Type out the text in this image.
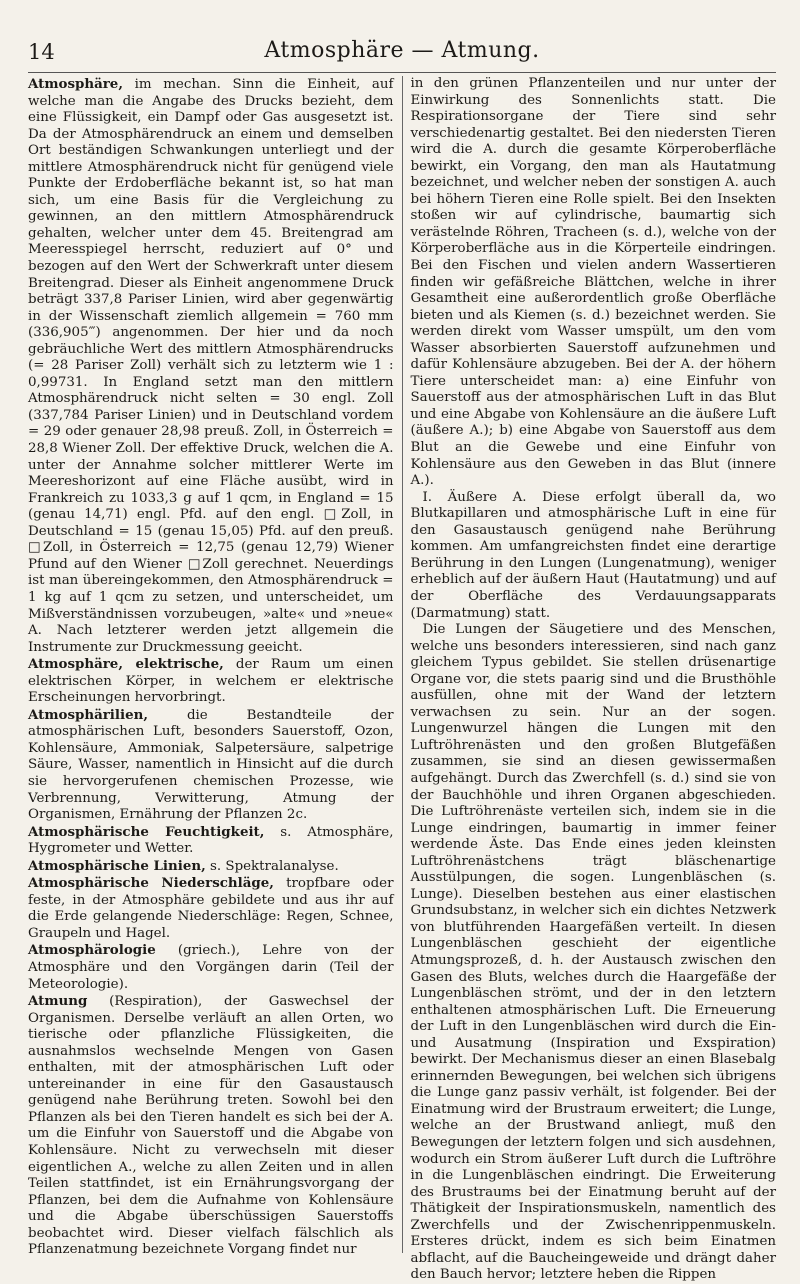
14	Atmosphäre — Atmung.

Atmosphäre, im mechan. Sinn die Einheit, auf welche man die Angabe des Drucks bezieht, dem eine Flüssigkeit, ein Dampf oder Gas ausgesetzt ist. Da der Atmosphärendruck an einem und demselben Ort beständigen Schwankungen unterliegt und der mittlere Atmosphärendruck nicht für genügend viele Punkte der Erdoberfläche bekannt ist, so hat man sich, um eine Basis für die Vergleichung zu gewinnen, an den mittlern Atmosphärendruck gehalten, welcher unter dem 45. Breitengrad am Meeresspiegel herrscht, reduziert auf 0° und bezogen auf den Wert der Schwerkraft unter diesem Breitengrad. Dieser als Einheit angenommene Druck beträgt 337,8 Pariser Linien, wird aber gegenwärtig in der Wissenschaft ziemlich allgemein = 760 mm (336,905‴) angenommen. Der hier und da noch gebräuchliche Wert des mittlern Atmosphärendrucks (= 28 Pariser Zoll) verhält sich zu letzterm wie 1 : 0,99731. In England setzt man den mittlern Atmosphärendruck nicht selten = 30 engl. Zoll (337,784 Pariser Linien) und in Deutschland vordem = 29 oder genauer 28,98 preuß. Zoll, in Österreich = 28,8 Wiener Zoll. Der effektive Druck, welchen die A. unter der Annahme solcher mittlerer Werte im Meereshorizont auf eine Fläche ausübt, wird in Frankreich zu 1033,3 g auf 1 qcm, in England = 15 (genau 14,71) engl. Pfd. auf den engl. □Zoll, in Deutschland = 15 (genau 15,05) Pfd. auf den preuß. □Zoll, in Österreich = 12,75 (genau 12,79) Wiener Pfund auf den Wiener □Zoll gerechnet. Neuerdings ist man übereingekommen, den Atmosphärendruck = 1 kg auf 1 qcm zu setzen, und unterscheidet, um Mißverständnissen vorzubeugen, »alte« und »neue« A. Nach letzterer werden jetzt allgemein die Instrumente zur Druckmessung geeicht.

Atmosphäre, elektrische, der Raum um einen elektrischen Körper, in welchem er elektrische Erscheinungen hervorbringt.

Atmosphärilien, die Bestandteile der atmosphärischen Luft, besonders Sauerstoff, Ozon, Kohlensäure, Ammoniak, Salpetersäure, salpetrige Säure, Wasser, namentlich in Hinsicht auf die durch sie hervorgerufenen chemischen Prozesse, wie Verbrennung, Verwitterung, Atmung der Organismen, Ernährung der Pflanzen 2c.

Atmosphärische Feuchtigkeit, s. Atmosphäre, Hygrometer und Wetter.

Atmosphärische Linien, s. Spektralanalyse.

Atmosphärische Niederschläge, tropfbare oder feste, in der Atmosphäre gebildete und aus ihr auf die Erde gelangende Niederschläge: Regen, Schnee, Graupeln und Hagel.

Atmosphärologie (griech.), Lehre von der Atmosphäre und den Vorgängen darin (Teil der Meteorologie).

Atmung (Respiration), der Gaswechsel der Organismen. Derselbe verläuft an allen Orten, wo tierische oder pflanzliche Flüssigkeiten, die ausnahmslos wechselnde Mengen von Gasen enthalten, mit der atmosphärischen Luft oder untereinander in eine für den Gasaustausch genügend nahe Berührung treten. Sowohl bei den Pflanzen als bei den Tieren handelt es sich bei der A. um die Einfuhr von Sauerstoff und die Abgabe von Kohlensäure. Nicht zu verwechseln mit dieser eigentlichen A., welche zu allen Zeiten und in allen Teilen stattfindet, ist ein Ernährungsvorgang der Pflanzen, bei dem die Aufnahme von Kohlensäure und die Abgabe überschüssigen Sauerstoffs beobachtet wird. Dieser vielfach fälschlich als Pflanzenatmung bezeichnete Vorgang findet nur

in den grünen Pflanzenteilen und nur unter der Einwirkung des Sonnenlichts statt. Die Respirationsorgane der Tiere sind sehr verschiedenartig gestaltet. Bei den niedersten Tieren wird die A. durch die gesamte Körperoberfläche bewirkt, ein Vorgang, den man als Hautatmung bezeichnet, und welcher neben der sonstigen A. auch bei höhern Tieren eine Rolle spielt. Bei den Insekten stoßen wir auf cylindrische, baumartig sich verästelnde Röhren, Tracheen (s. d.), welche von der Körperoberfläche aus in die Körperteile eindringen. Bei den Fischen und vielen andern Wassertieren finden wir gefäßreiche Blättchen, welche in ihrer Gesamtheit eine außerordentlich große Oberfläche bieten und als Kiemen (s. d.) bezeichnet werden. Sie werden direkt vom Wasser umspült, um den vom Wasser absorbierten Sauerstoff aufzunehmen und dafür Kohlensäure abzugeben. Bei der A. der höhern Tiere unterscheidet man: a) eine Einfuhr von Sauerstoff aus der atmosphärischen Luft in das Blut und eine Abgabe von Kohlensäure an die äußere Luft (äußere A.); b) eine Abgabe von Sauerstoff aus dem Blut an die Gewebe und eine Einfuhr von Kohlensäure aus den Geweben in das Blut (innere A.).

I. Äußere A. Diese erfolgt überall da, wo Blutkapillaren und atmosphärische Luft in eine für den Gasaustausch genügend nahe Berührung kommen. Am umfangreichsten findet eine derartige Berührung in den Lungen (Lungenatmung), weniger erheblich auf der äußern Haut (Hautatmung) und auf der Oberfläche des Verdauungsapparats (Darmatmung) statt.

Die Lungen der Säugetiere und des Menschen, welche uns besonders interessieren, sind nach ganz gleichem Typus gebildet. Sie stellen drüsenartige Organe vor, die stets paarig sind und die Brusthöhle ausfüllen, ohne mit der Wand der letztern verwachsen zu sein. Nur an der sogen. Lungenwurzel hängen die Lungen mit den Luftröhrenästen und den großen Blutgefäßen zusammen, sie sind an diesen gewissermaßen aufgehängt. Durch das Zwerchfell (s. d.) sind sie von der Bauchhöhle und ihren Organen abgeschieden. Die Luftröhrenäste verteilen sich, indem sie in die Lunge eindringen, baumartig in immer feiner werdende Äste. Das Ende eines jeden kleinsten Luftröhrenästchens trägt bläschenartige Ausstülpungen, die sogen. Lungenbläschen (s. Lunge). Dieselben bestehen aus einer elastischen Grundsubstanz, in welcher sich ein dichtes Netzwerk von blutführenden Haargefäßen verteilt. In diesen Lungenbläschen geschieht der eigentliche Atmungsprozeß, d. h. der Austausch zwischen den Gasen des Bluts, welches durch die Haargefäße der Lungenbläschen strömt, und der in den letztern enthaltenen atmosphärischen Luft. Die Erneuerung der Luft in den Lungenbläschen wird durch die Ein- und Ausatmung (Inspiration und Exspiration) bewirkt. Der Mechanismus dieser an einen Blasebalg erinnernden Bewegungen, bei welchen sich übrigens die Lunge ganz passiv verhält, ist folgender. Bei der Einatmung wird der Brustraum erweitert; die Lunge, welche an der Brustwand anliegt, muß den Bewegungen der letztern folgen und sich ausdehnen, wodurch ein Strom äußerer Luft durch die Luftröhre in die Lungenbläschen eindringt. Die Erweiterung des Brustraums bei der Einatmung beruht auf der Thätigkeit der Inspirationsmuskeln, namentlich des Zwerchfells und der Zwischenrippenmuskeln. Ersteres drückt, indem es sich beim Einatmen abflacht, auf die Baucheingeweide und drängt daher den Bauch hervor; letztere heben die Rippen
